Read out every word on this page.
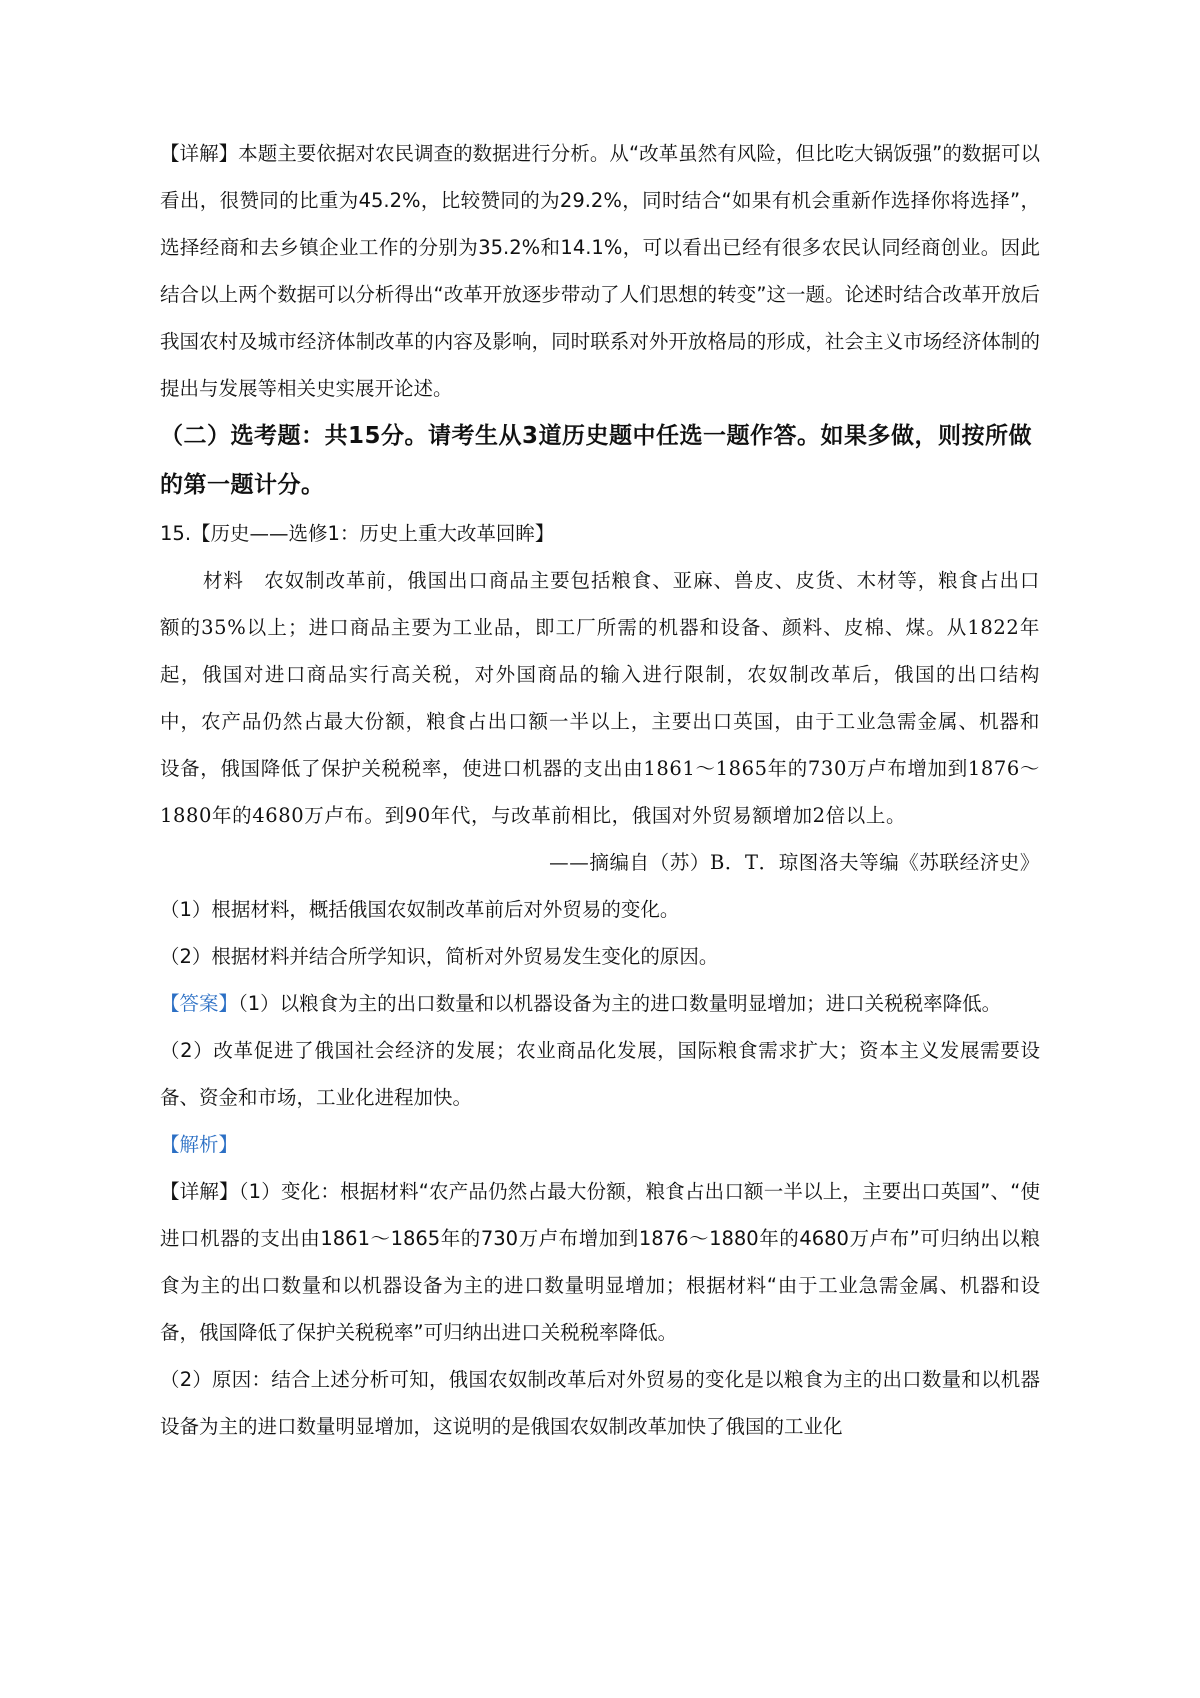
【详解】本题主要依据对农民调查的数据进行分析。从“改革虽然有风险，但比吃大锅饭强”的数据可以看出，很赞同的比重为45.2%，比较赞同的为29.2%，同时结合“如果有机会重新作选择你将选择”，选择经商和去乡镇企业工作的分别为35.2%和14.1%，可以看出已经有很多农民认同经商创业。因此结合以上两个数据可以分析得出“改革开放逐步带动了人们思想的转变”这一题。论述时结合改革开放后我国农村及城市经济体制改革的内容及影响，同时联系对外开放格局的形成，社会主义市场经济体制的提出与发展等相关史实展开论述。

（二）选考题：共15分。请考生从3道历史题中任选一题作答。如果多做，则按所做的第一题计分。

15.【历史——选修1：历史上重大改革回眸】

材料　农奴制改革前，俄国出口商品主要包括粮食、亚麻、兽皮、皮货、木材等，粮食占出口额的35%以上；进口商品主要为工业品，即工厂所需的机器和设备、颜料、皮棉、煤。从1822年起，俄国对进口商品实行高关税，对外国商品的输入进行限制，农奴制改革后，俄国的出口结构中，农产品仍然占最大份额，粮食占出口额一半以上，主要出口英国，由于工业急需金属、机器和设备，俄国降低了保护关税税率，使进口机器的支出由1861～1865年的730万卢布增加到1876～1880年的4680万卢布。到90年代，与改革前相比，俄国对外贸易额增加2倍以上。

——摘编自（苏）B．T．琼图洛夫等编《苏联经济史》

（1）根据材料，概括俄国农奴制改革前后对外贸易的变化。

（2）根据材料并结合所学知识，简析对外贸易发生变化的原因。

【答案】（1）以粮食为主的出口数量和以机器设备为主的进口数量明显增加；进口关税税率降低。

（2）改革促进了俄国社会经济的发展；农业商品化发展，国际粮食需求扩大；资本主义发展需要设备、资金和市场，工业化进程加快。

【解析】

【详解】（1）变化：根据材料“农产品仍然占最大份额，粮食占出口额一半以上，主要出口英国”、“使进口机器的支出由1861～1865年的730万卢布增加到1876～1880年的4680万卢布”可归纳出以粮食为主的出口数量和以机器设备为主的进口数量明显增加；根据材料“由于工业急需金属、机器和设备，俄国降低了保护关税税率”可归纳出进口关税税率降低。

（2）原因：结合上述分析可知，俄国农奴制改革后对外贸易的变化是以粮食为主的出口数量和以机器设备为主的进口数量明显增加，这说明的是俄国农奴制改革加快了俄国的工业化
